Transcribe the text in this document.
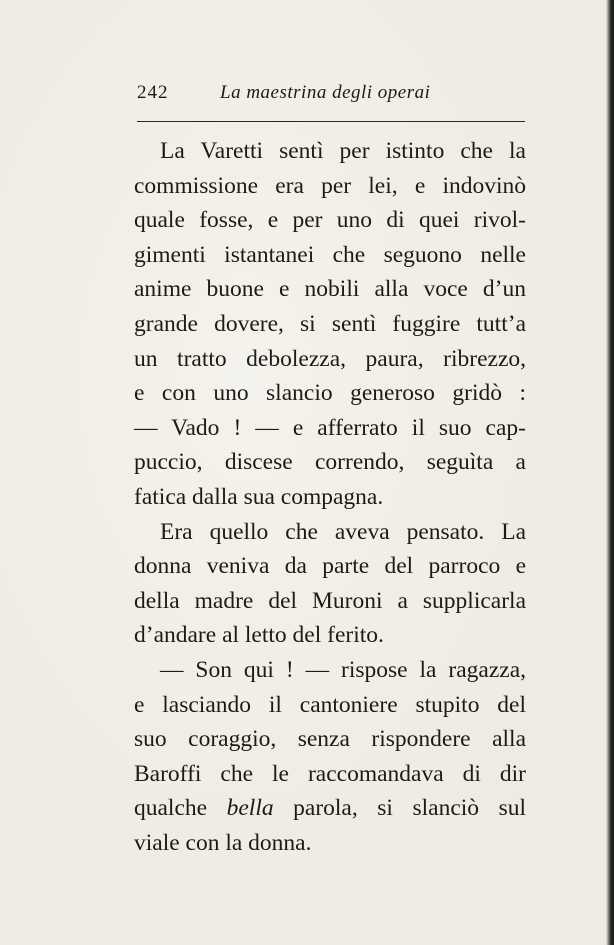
242	La maestrina degli operai
La Varetti sentì per istinto che la
commissione era per lei, e indovinò
quale fosse, e per uno di quei rivol-
gimenti istantanei che seguono nelle
anime buone e nobili alla voce d’un
grande dovere, si sentì fuggire tutt’a
un tratto debolezza, paura, ribrezzo,
e con uno slancio generoso gridò :
— Vado ! — e afferrato il suo cap-
puccio, discese correndo, seguìta a
fatica dalla sua compagna.
Era quello che aveva pensato. La
donna veniva da parte del parroco e
della madre del Muroni a supplicarla
d’andare al letto del ferito.
— Son qui ! — rispose la ragazza,
e lasciando il cantoniere stupito del
suo coraggio, senza rispondere alla
Baroffi che le raccomandava di dir
qualche bella parola, si slanciò sul
viale con la donna.
